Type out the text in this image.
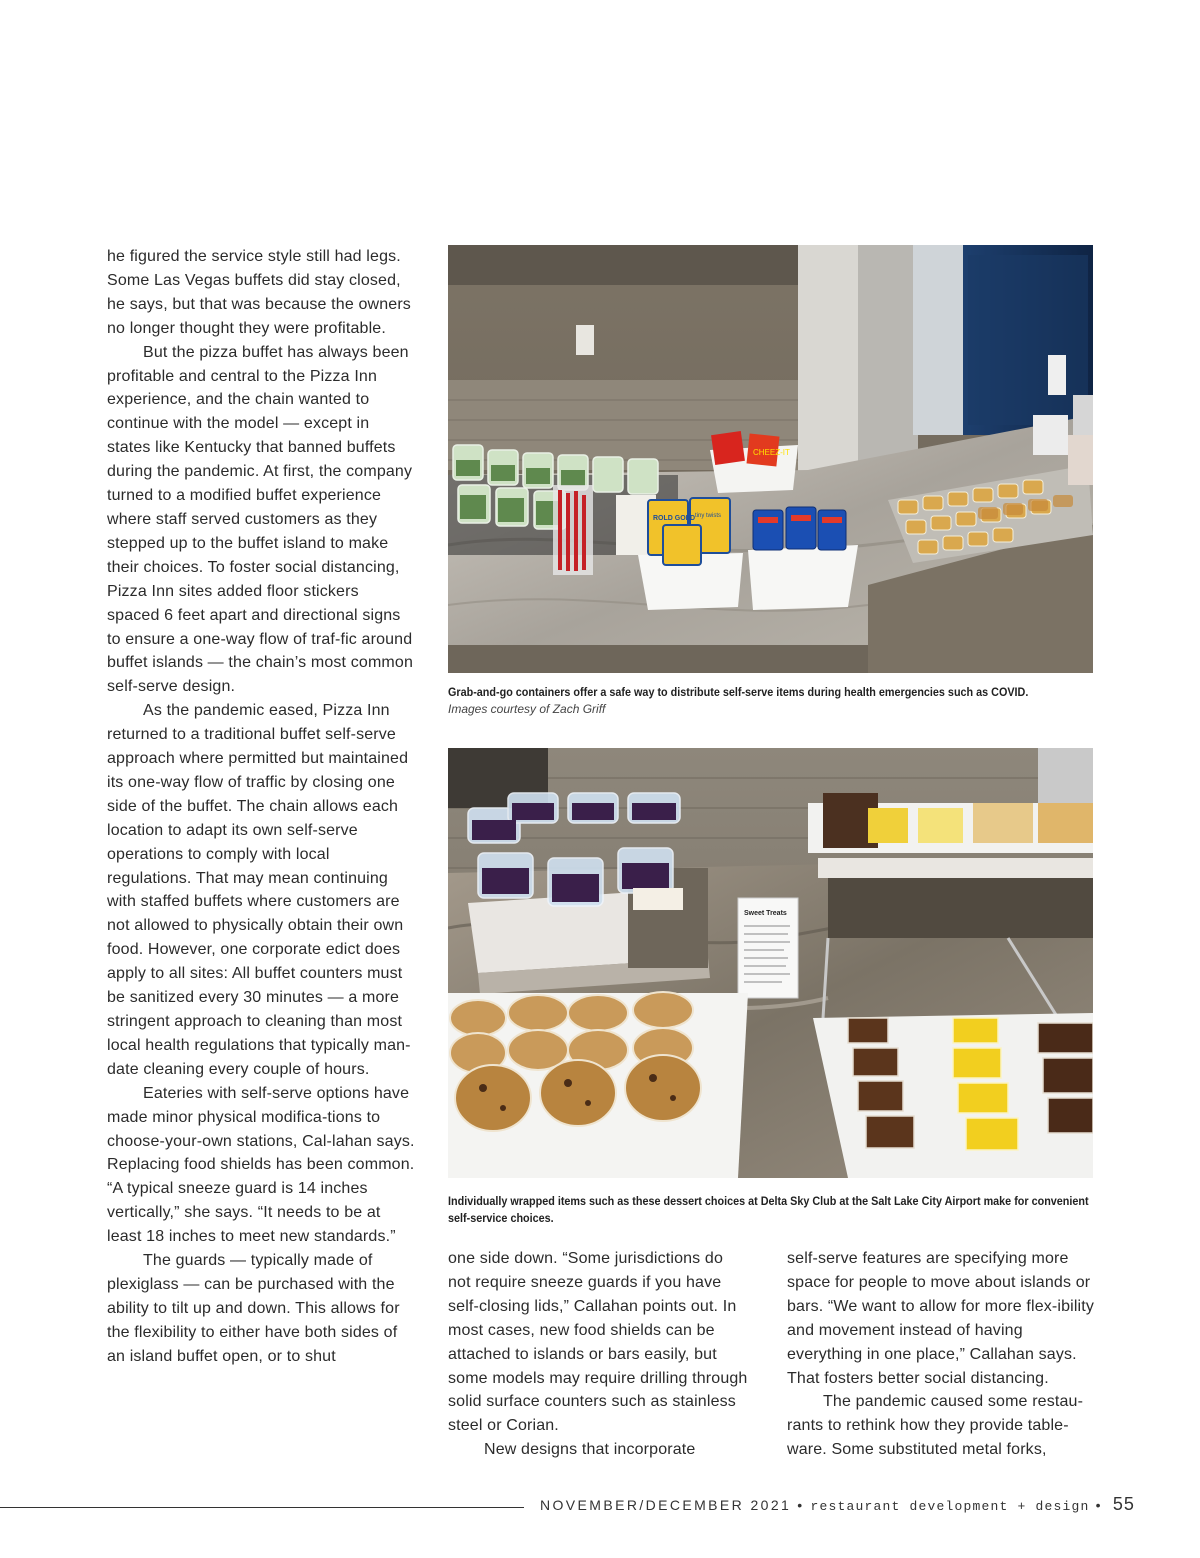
he figured the service style still had legs. Some Las Vegas buffets did stay closed, he says, but that was because the owners no longer thought they were profitable.

But the pizza buffet has always been profitable and central to the Pizza Inn experience, and the chain wanted to continue with the model — except in states like Kentucky that banned buffets during the pandemic. At first, the company turned to a modified buffet experience where staff served customers as they stepped up to the buffet island to make their choices. To foster social distancing, Pizza Inn sites added floor stickers spaced 6 feet apart and directional signs to ensure a one-way flow of traf-fic around buffet islands — the chain’s most common self-serve design.

As the pandemic eased, Pizza Inn returned to a traditional buffet self-serve approach where permitted but maintained its one-way flow of traffic by closing one side of the buffet. The chain allows each location to adapt its own self-serve operations to comply with local regulations. That may mean continuing with staffed buffets where customers are not allowed to physically obtain their own food. However, one corporate edict does apply to all sites: All buffet counters must be sanitized every 30 minutes — a more stringent approach to cleaning than most local health regulations that typically man-date cleaning every couple of hours.

Eateries with self-serve options have made minor physical modifica-tions to choose-your-own stations, Cal-lahan says. Replacing food shields has been common. “A typical sneeze guard is 14 inches vertically,” she says. “It needs to be at least 18 inches to meet new standards.”

The guards — typically made of plexiglass — can be purchased with the ability to tilt up and down. This allows for the flexibility to either have both sides of an island buffet open, or to shut

CHEEZ-IT
ROLD GOLD tiny twists
Grab-and-go containers offer a safe way to distribute self-serve items during health emergencies such as COVID.
Images courtesy of Zach Griff
Sweet Treats
Individually wrapped items such as these dessert choices at Delta Sky Club at the Salt Lake City Airport make for convenient self-service choices.

one side down. “Some jurisdictions do not require sneeze guards if you have self-closing lids,” Callahan points out. In most cases, new food shields can be attached to islands or bars easily, but some models may require drilling through solid surface counters such as stainless steel or Corian.

New designs that incorporate

self-serve features are specifying more space for people to move about islands or bars. “We want to allow for more flex-ibility and movement instead of having everything in one place,” Callahan says. That fosters better social distancing.

The pandemic caused some restau-rants to rethink how they provide table-ware. Some substituted metal forks,

NOVEMBER/DECEMBER 2021 • restaurant development + design • 55
